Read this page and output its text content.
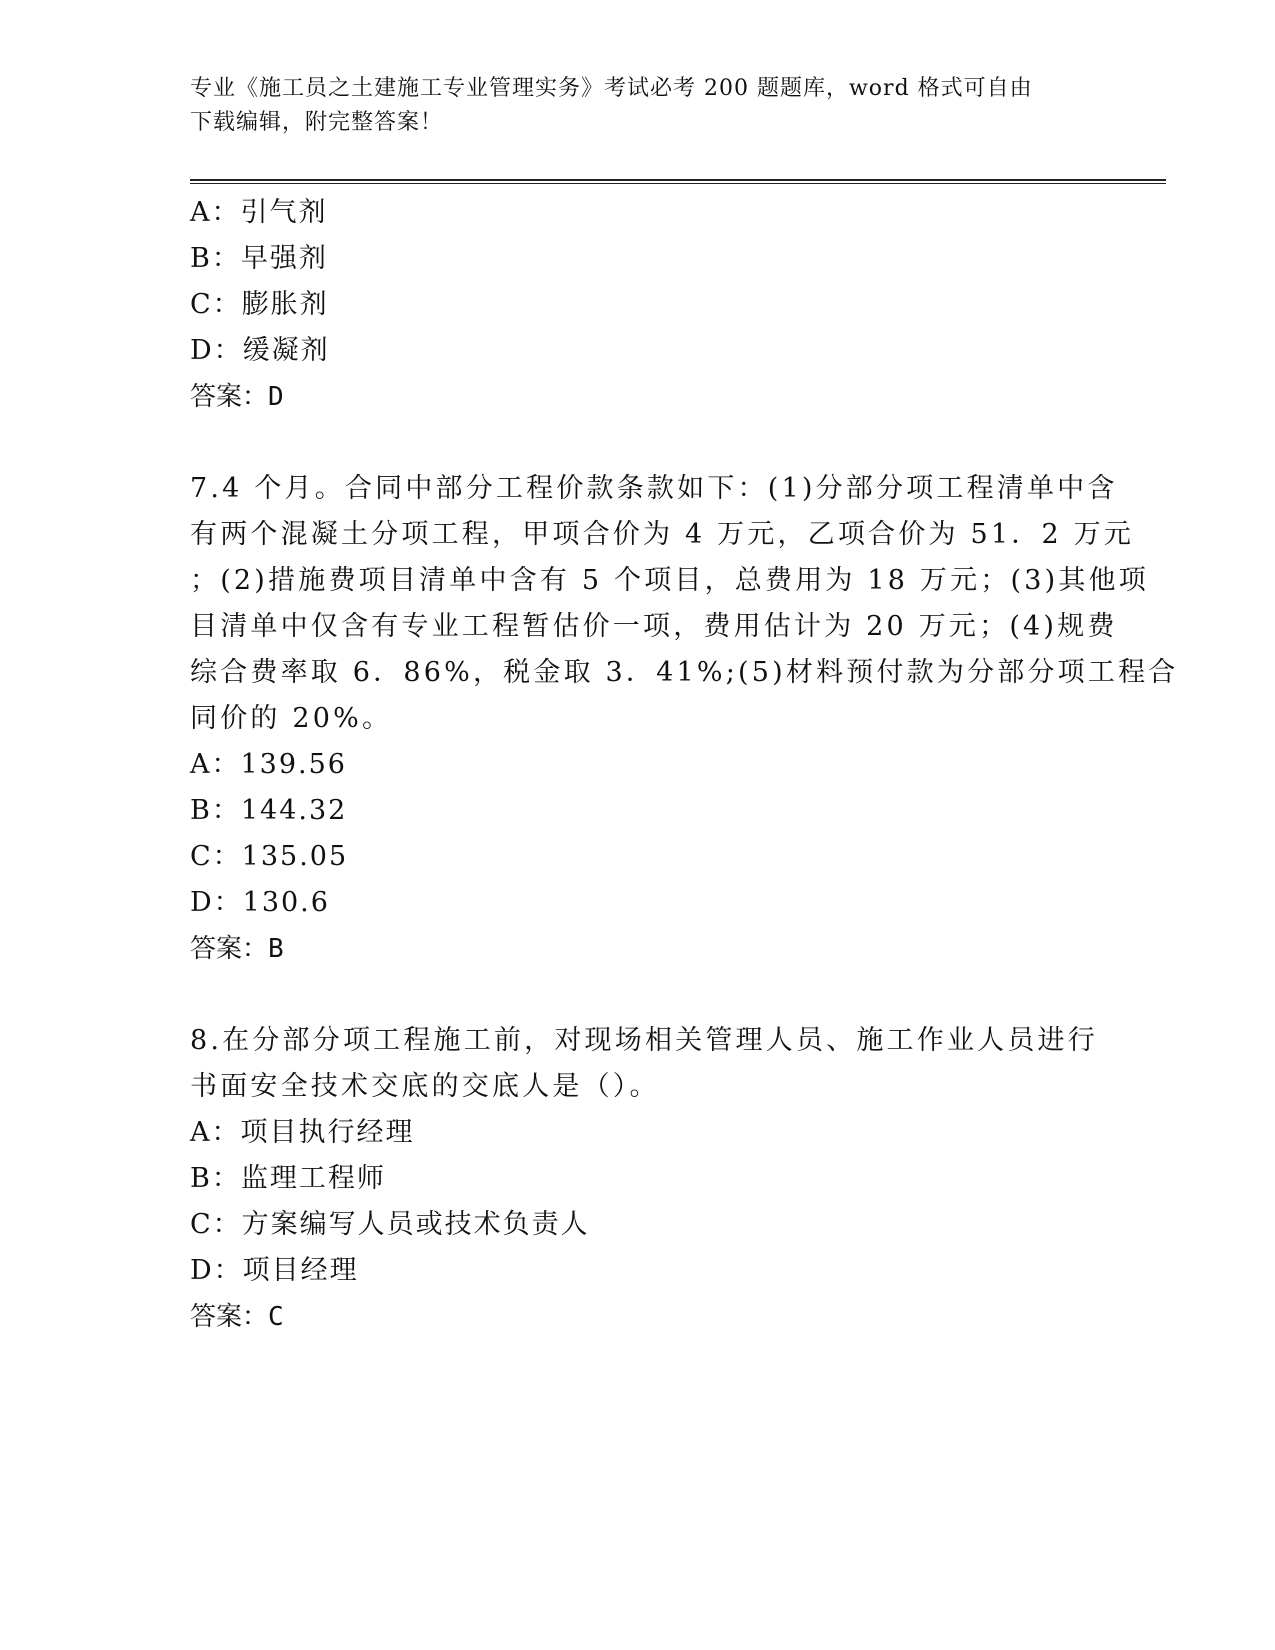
专业《施工员之土建施工专业管理实务》考试必考 200 题题库，word 格式可自由
下载编辑，附完整答案！
A：引气剂
B：早强剂
C：膨胀剂
D：缓凝剂
答案：D
7.4 个月。合同中部分工程价款条款如下：(1)分部分项工程清单中含
有两个混凝土分项工程，甲项合价为 4 万元，乙项合价为 51．2 万元
；(2)措施费项目清单中含有 5 个项目，总费用为 18 万元；(3)其他项
目清单中仅含有专业工程暂估价一项，费用估计为 20 万元；(4)规费
综合费率取 6．86%，税金取 3．41%;(5)材料预付款为分部分项工程合
同价的 20%。
A：139.56
B：144.32
C：135.05
D：130.6
答案：B
8.在分部分项工程施工前，对现场相关管理人员、施工作业人员进行
书面安全技术交底的交底人是（）。
A：项目执行经理
B：监理工程师
C：方案编写人员或技术负责人
D：项目经理
答案：C
